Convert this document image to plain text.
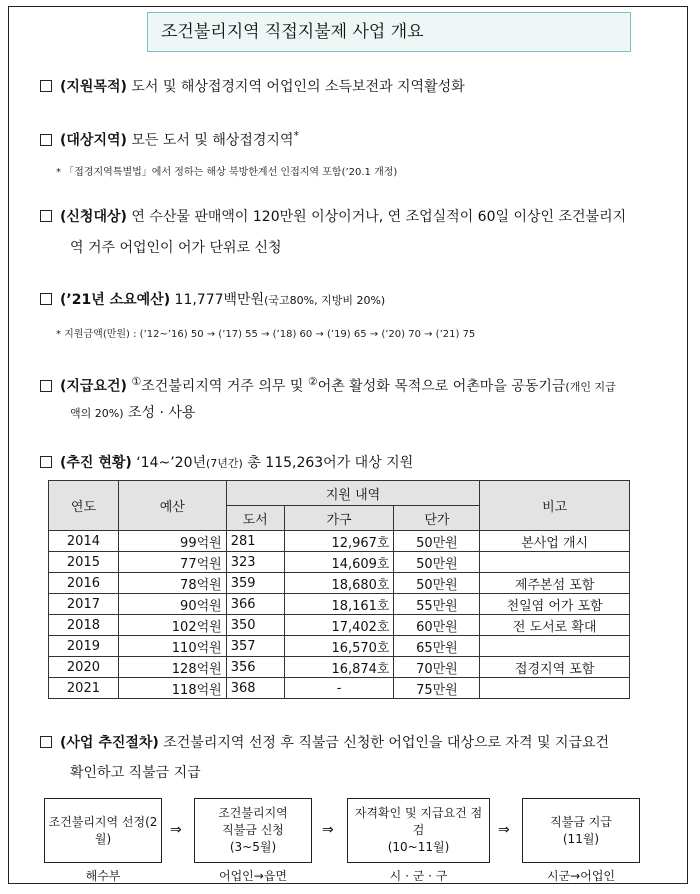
조건불리지역 직접지불제 사업 개요
(지원목적) 도서 및 해상접경지역 어업인의 소득보전과 지역활성화
(대상지역) 모든 도서 및 해상접경지역*
* 「접경지역특별법」에서 정하는 해상 북방한계선 인접지역 포함(’20.1 개정)
(신청대상) 연 수산물 판매액이 120만원 이상이거나, 연 조업실적이 60일 이상인 조건불리지
역 거주 어업인이 어가 단위로 신청
(’21년 소요예산) 11,777백만원(국고80%, 지방비 20%)
* 지원금액(만원) : (’12~’16) 50 → (’17) 55 → (’18) 60 → (’19) 65 → (’20) 70 → (’21) 75
(지급요건) ①조건불리지역 거주 의무 및 ②어촌 활성화 목적으로 어촌마을 공동기금(개인 지급
액의 20%) 조성 · 사용
(추진 현황) ‘14~’20년(7년간) 총 115,263어가 대상 지원
연도	예산	지원 내역			비고
		도서	가구	단가	
2014	99억원	281	12,967호	50만원	본사업 개시
2015	77억원	323	14,609호	50만원	
2016	78억원	359	18,680호	50만원	제주본섬 포함
2017	90억원	366	18,161호	55만원	천일염 어가 포함
2018	102억원	350	17,402호	60만원	전 도서로 확대
2019	110억원	357	16,570호	65만원	
2020	128억원	356	16,874호	70만원	접경지역 포함
2021	118억원	368	-	75만원	
(사업 추진절차) 조건불리지역 선정 후 직불금 신청한 어업인을 대상으로 자격 및 지급요건
확인하고 직불금 지급
조건불리지역 선정(2
월)
⇒
조건불리지역
직불금 신청
(3~5월)
⇒
자격확인 및 지급요건 점검
(10~11월)
⇒
직불금 지급
(11월)
해수부	어업인→읍면	시 · 군 · 구	시군→어업인
